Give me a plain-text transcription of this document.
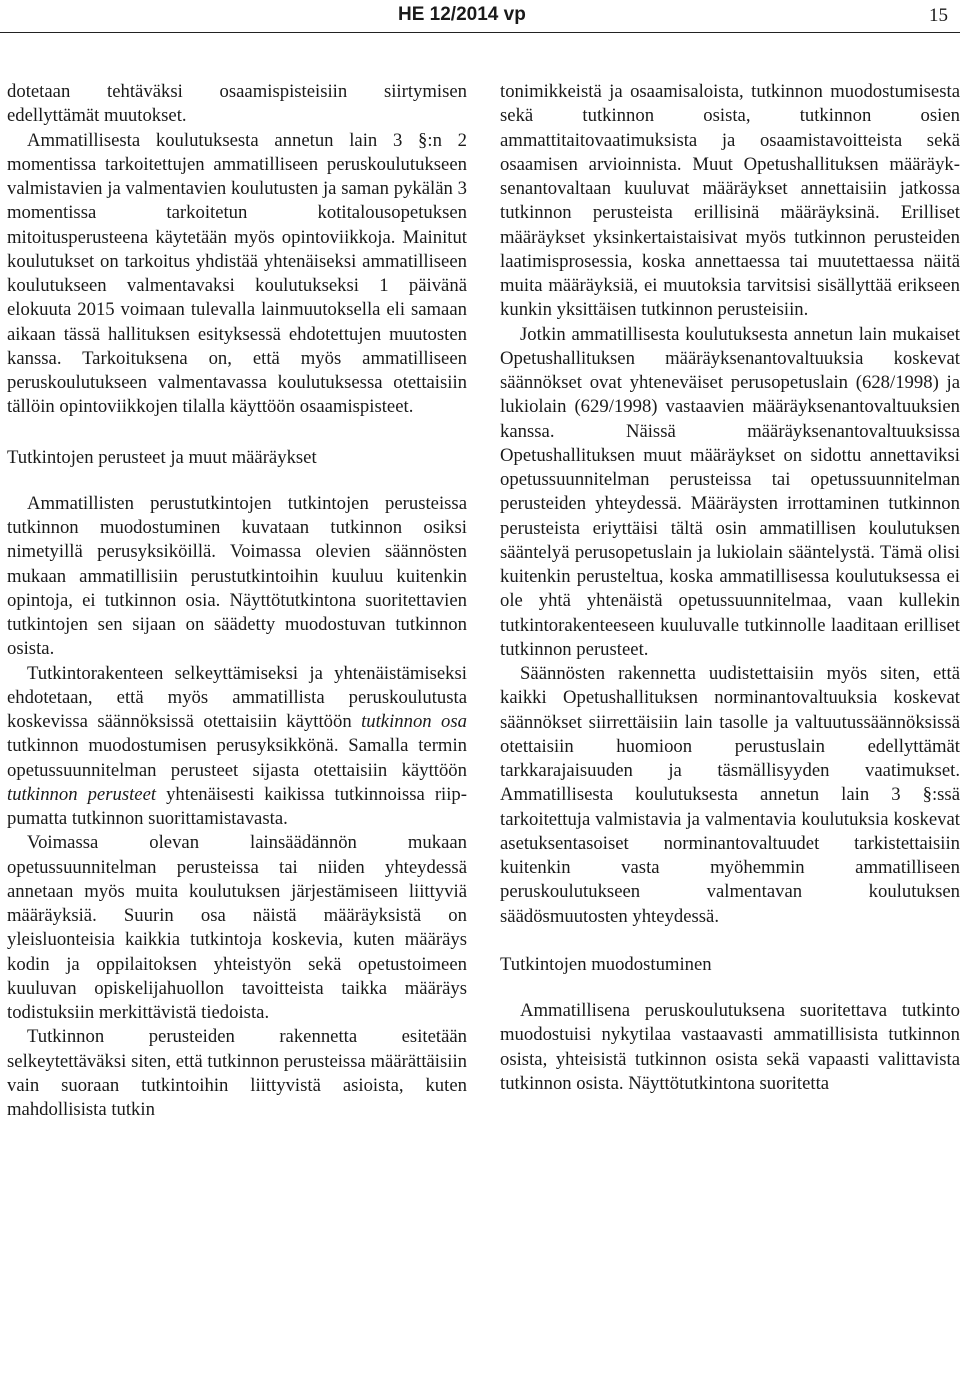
HE 12/2014 vp	15

dotetaan tehtäväksi osaamispisteisiin siirtymisen edellyttämät muutokset.

Ammatillisesta koulutuksesta annetun lain 3 §:n 2 momentissa tarkoitettujen ammatilliseen peruskoulutukseen valmistavien ja valmentavien koulutusten ja saman pykälän 3 momentissa tarkoitetun kotitalousopetuksen mitoitusperusteena käytetään myös opintoviikkoja. Mainitut koulutukset on tarkoitus yhdistää yhtenäiseksi ammatilliseen koulutukseen valmentavaksi koulutukseksi 1 päivänä elokuuta 2015 voimaan tulevalla lainmuutoksella eli samaan aikaan tässä hallituksen esityksessä ehdotettujen muutosten kanssa. Tarkoituksena on, että myös ammatilliseen peruskoulutukseen valmentavassa koulutuksessa otettaisiin tällöin opintoviikkojen tilalla käyttöön osaamispisteet.

Tutkintojen perusteet ja muut määräykset

Ammatillisten perustutkintojen tutkintojen perusteissa tutkinnon muodostuminen kuvataan tutkinnon osiksi nimetyillä perusyksiköillä. Voimassa olevien säännösten mukaan ammatillisiin perustutkintoihin kuuluu kuitenkin opintoja, ei tutkinnon osia. Näyttötutkintona suoritettavien tutkintojen sen sijaan on säädetty muodostuvan tutkinnon osista.

Tutkintorakenteen selkeyttämiseksi ja yhtenäistämiseksi ehdotetaan, että myös ammatillista peruskoulutusta koskevissa säännöksissä otettaisiin käyttöön tutkinnon osa tutkinnon muodostumisen perusyksikkönä. Samalla termin opetussuunnitelman perusteet sijasta otettaisiin käyttöön tutkinnon perusteet yhtenäisesti kaikissa tutkinnoissa riippumatta tutkinnon suorittamistavasta.

Voimassa olevan lainsäädännön mukaan opetussuunnitelman perusteissa tai niiden yhteydessä annetaan myös muita koulutuksen järjestämiseen liittyviä määräyksiä. Suurin osa näistä määräyksistä on yleisluonteisia kaikkia tutkintoja koskevia, kuten määräys kodin ja oppilaitoksen yhteistyön sekä opetustoimeen kuuluvan opiskelijahuollon tavoitteista taikka määräys todistuksiin merkittävistä tiedoista.

Tutkinnon perusteiden rakennetta esitetään selkeytettäväksi siten, että tutkinnon perusteissa määrättäisiin vain suoraan tutkintoihin liittyvistä asioista, kuten mahdollisista tutkin

tonimikkeistä ja osaamisaloista, tutkinnon muodostumisesta sekä tutkinnon osista, tutkinnon osien ammattitaitovaatimuksista ja osaamistavoitteista sekä osaamisen arvioinnista. Muut Opetushallituksen määräyksenantovaltaan kuuluvat määräykset annettaisiin jatkossa tutkinnon perusteista erillisinä määräyksinä. Erilliset määräykset yksinkertaistaisivat myös tutkinnon perusteiden laatimisprosessia, koska annettaessa tai muutettaessa näitä muita määräyksiä, ei muutoksia tarvitsisi sisällyttää erikseen kunkin yksittäisen tutkinnon perusteisiin.

Jotkin ammatillisesta koulutuksesta annetun lain mukaiset Opetushallituksen määräyksenantovaltuuksia koskevat säännökset ovat yhteneväiset perusopetuslain (628/1998) ja lukiolain (629/1998) vastaavien määräyksenantovaltuuksien kanssa. Näissä määräyksenantovaltuuksissa Opetushallituksen muut määräykset on sidottu annettaviksi opetussuunnitelman perusteissa tai opetussuunnitelman perusteiden yhteydessä. Määräysten irrottaminen tutkinnon perusteista eriyttäisi tältä osin ammatillisen koulutuksen sääntelyä perusopetuslain ja lukiolain sääntelystä. Tämä olisi kuitenkin perusteltua, koska ammatillisessa koulutuksessa ei ole yhtä yhtenäistä opetussuunnitelmaa, vaan kullekin tutkintorakenteeseen kuuluvalle tutkinnolle laaditaan erilliset tutkinnon perusteet.

Säännösten rakennetta uudistettaisiin myös siten, että kaikki Opetushallituksen norminantovaltuuksia koskevat säännökset siirrettäisiin lain tasolle ja valtuutussäännöksissä otettaisiin huomioon perustuslain edellyttämät tarkkarajaisuuden ja täsmällisyyden vaatimukset. Ammatillisesta koulutuksesta annetun lain 3 §:ssä tarkoitettuja valmistavia ja valmentavia koulutuksia koskevat asetuksentasoiset norminantovaltuudet tarkistettaisiin kuitenkin vasta myöhemmin ammatilliseen peruskoulutukseen valmentavan koulutuksen säädösmuutosten yhteydessä.

Tutkintojen muodostuminen

Ammatillisena peruskoulutuksena suoritettava tutkinto muodostuisi nykytilaa vastaavasti ammatillisista tutkinnon osista, yhteisistä tutkinnon osista sekä vapaasti valittavista tutkinnon osista. Näyttötutkintona suoritetta
